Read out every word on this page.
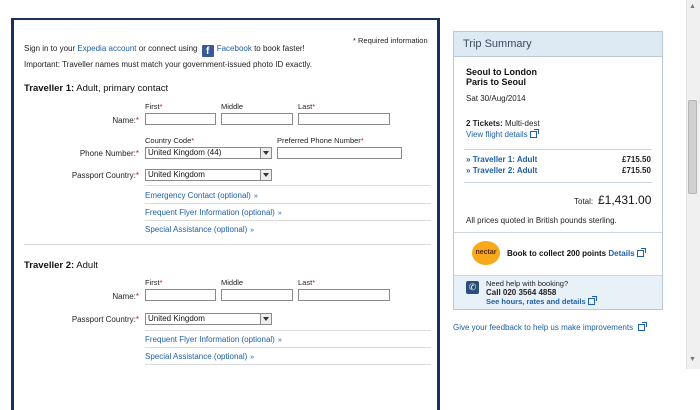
* Required information
Sign in to your Expedia account or connect using f Facebook to book faster!
Important: Traveller names must match your government-issued photo ID exactly.
Traveller 1: Adult, primary contact
First*	Middle	Last*
Name:*
Country Code*	Preferred Phone Number*
Phone Number:*	United Kingdom (44)
Passport Country:*	United Kingdom
Emergency Contact (optional) »
Frequent Flyer Information (optional) »
Special Assistance (optional) »
Traveller 2: Adult
First*	Middle	Last*
Name:*
Passport Country:*	United Kingdom
Frequent Flyer Information (optional) »
Special Assistance (optional) »
Trip Summary
Seoul to London
Paris to Seoul
Sat 30/Aug/2014
2 Tickets: Multi-dest
View flight details
» Traveller 1: Adult	£715.50
» Traveller 2: Adult	£715.50
Total: £1,431.00
All prices quoted in British pounds sterling.
Book to collect 200 points Details
nectar
✆	Need help with booking?
Call 020 3564 4858
See hours, rates and details
Give your feedback to help us make improvements
▲
▼
